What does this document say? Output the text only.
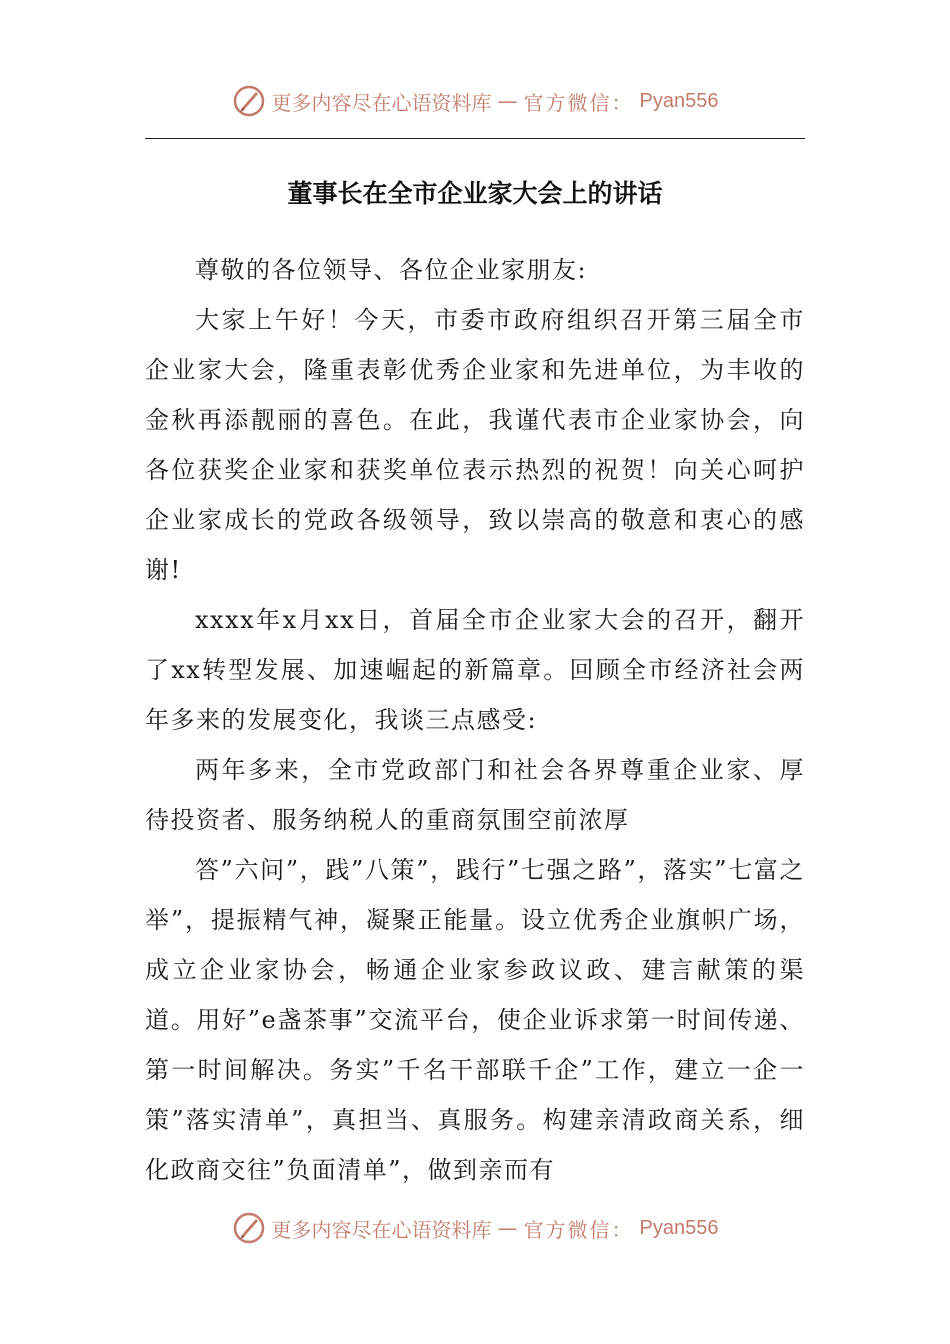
更多内容尽在心语资料库 — 官方微信： Pyan556
董事长在全市企业家大会上的讲话

尊敬的各位领导、各位企业家朋友:

大家上午好！今天，市委市政府组织召开第三届全市企业家大会，隆重表彰优秀企业家和先进单位，为丰收的金秋再添靓丽的喜色。在此，我谨代表市企业家协会，向各位获奖企业家和获奖单位表示热烈的祝贺！向关心呵护企业家成长的党政各级领导，致以崇高的敬意和衷心的感谢!

xxxx年x月xx日，首届全市企业家大会的召开，翻开了xx转型发展、加速崛起的新篇章。回顾全市经济社会两年多来的发展变化，我谈三点感受:

两年多来，全市党政部门和社会各界尊重企业家、厚待投资者、服务纳税人的重商氛围空前浓厚

答”六问”，践”八策”，践行”七强之路”，落实”七富之举”，提振精气神，凝聚正能量。设立优秀企业旗帜广场，成立企业家协会，畅通企业家参政议政、建言献策的渠道。用好”e盏茶事”交流平台，使企业诉求第一时间传递、第一时间解决。务实”千名干部联千企”工作，建立一企一策”落实清单”，真担当、真服务。构建亲清政商关系，细化政商交往”负面清单”，做到亲而有

更多内容尽在心语资料库 — 官方微信： Pyan556
